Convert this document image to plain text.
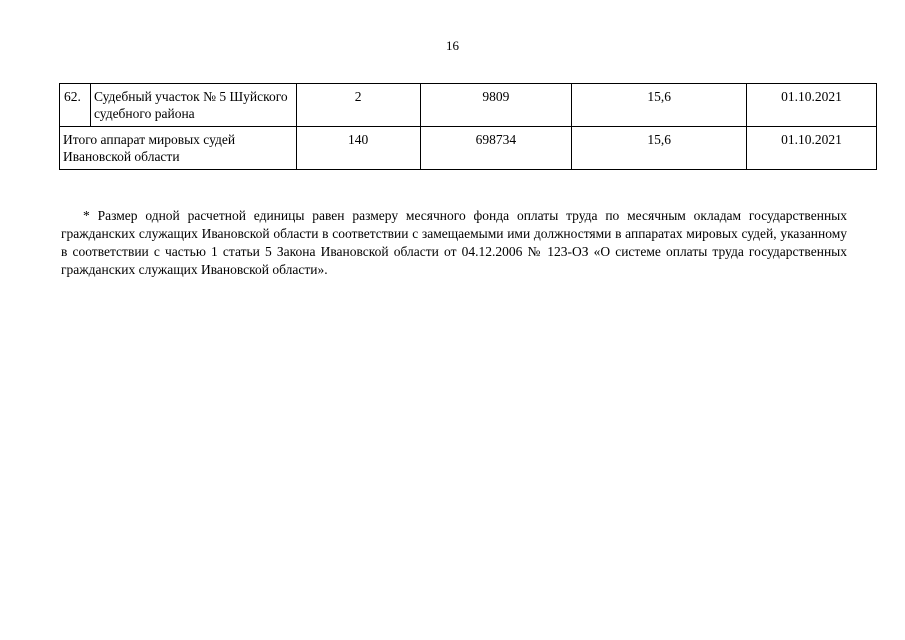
16
62.	Судебный участок № 5 Шуйского судебного района	2	9809	15,6	01.10.2021
Итого аппарат мировых судей Ивановской области		140	698734	15,6	01.10.2021

* Размер одной расчетной единицы равен размеру месячного фонда оплаты труда по месячным окладам государственных гражданских служащих Ивановской области в соответствии с замещаемыми ими должностями в аппаратах мировых судей, указанному в соответствии с частью 1 статьи 5 Закона Ивановской области от 04.12.2006 № 123-ОЗ «О системе оплаты труда государственных гражданских служащих Ивановской области».
